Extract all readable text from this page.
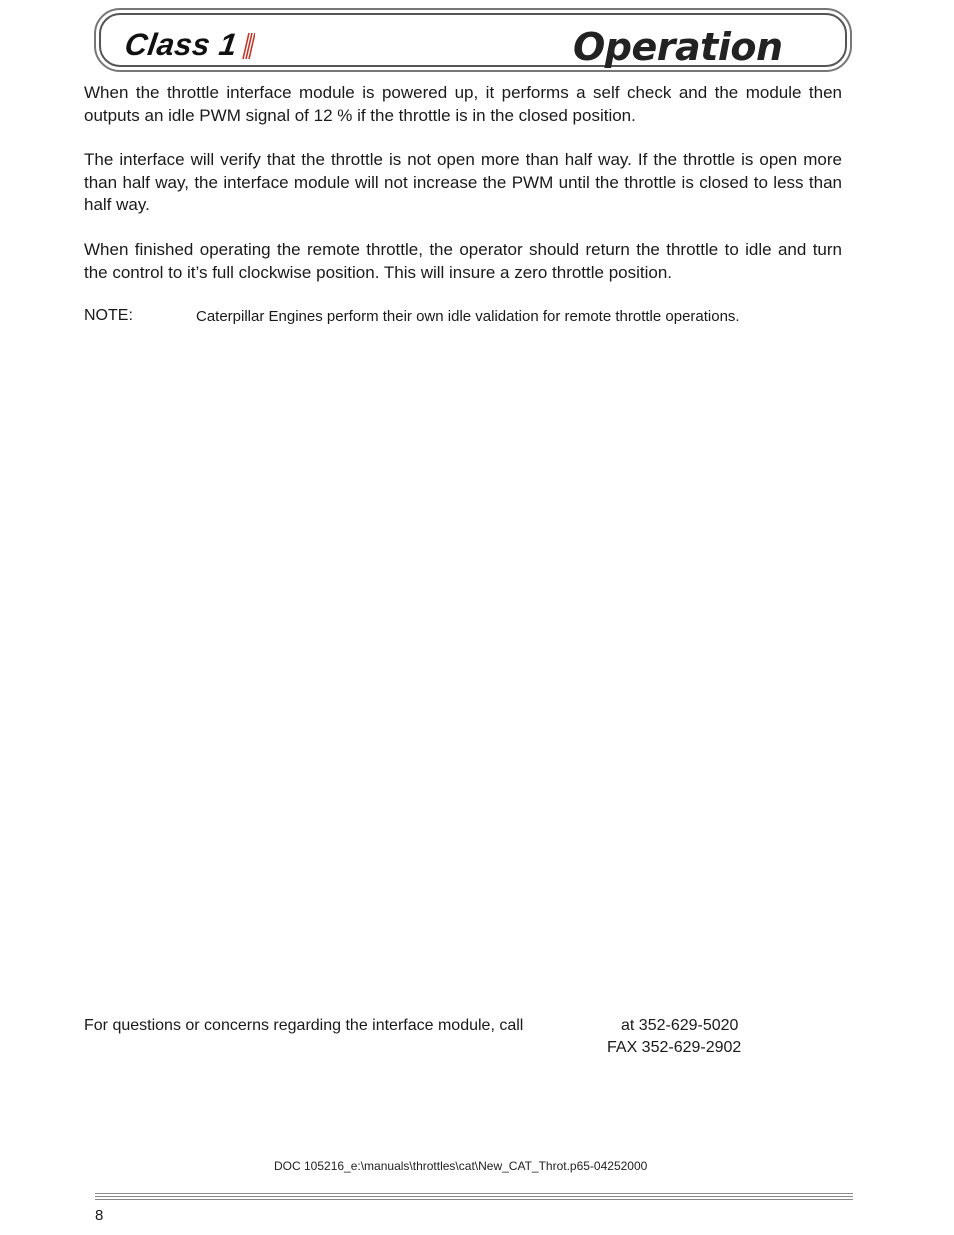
Class 1	Operation

When the throttle interface module is powered up, it performs a self check and the module then outputs an idle PWM signal of 12 % if the throttle is in the closed position.

The interface will verify that the throttle is not open more than half way. If the throttle is open more than half way, the interface module will not increase the PWM until the throttle is closed to less than half way.

When finished operating the remote throttle, the operator should return the throttle to idle and turn the control to it’s full clockwise position. This will insure a zero throttle position.

NOTE:	Caterpillar Engines perform their own idle validation for remote throttle operations.
For questions or concerns regarding the interface module, call	at 352-629-5020
FAX 352-629-2902
DOC 105216_e:\manuals\throttles\cat\New_CAT_Throt.p65-04252000
8
